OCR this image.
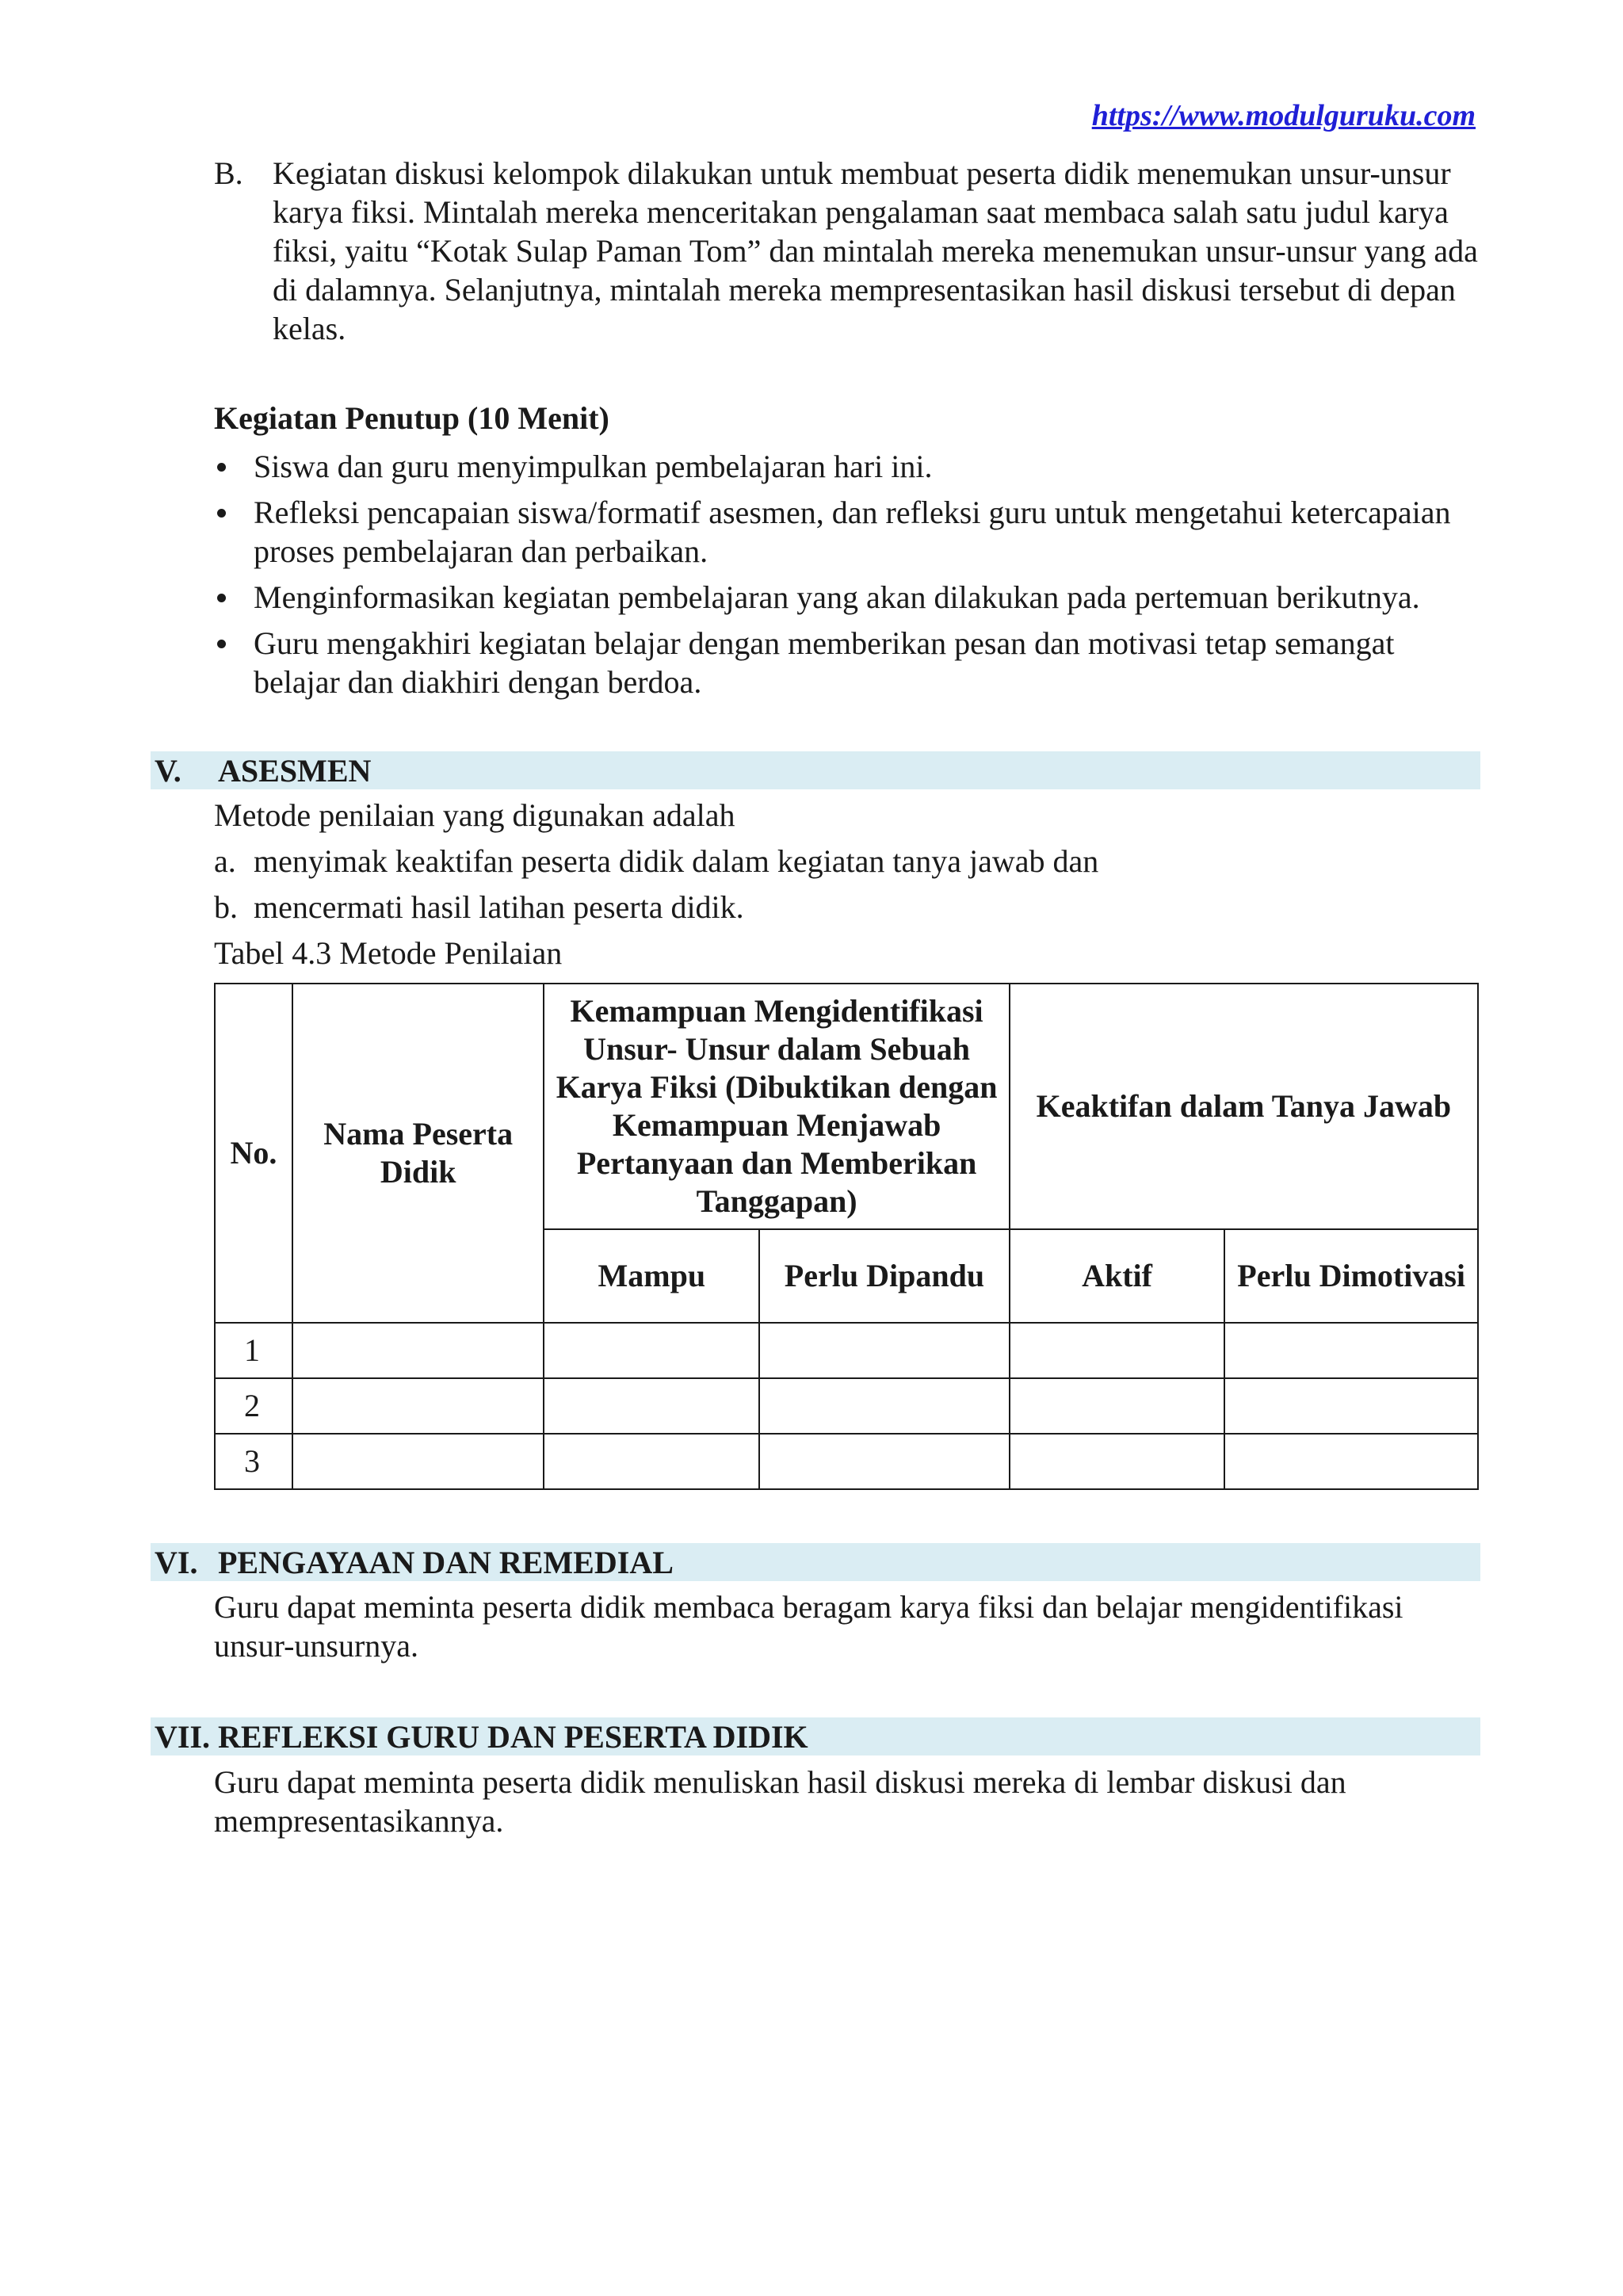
https://www.modulguruku.com
B. Kegiatan diskusi kelompok dilakukan untuk membuat peserta didik menemukan unsur-unsur karya fiksi. Mintalah mereka menceritakan pengalaman saat membaca salah satu judul karya fiksi, yaitu “Kotak Sulap Paman Tom” dan mintalah mereka menemukan unsur-unsur yang ada di dalamnya. Selanjutnya, mintalah mereka mempresentasikan hasil diskusi tersebut di depan kelas.
Kegiatan Penutup (10 Menit)
Siswa dan guru menyimpulkan pembelajaran hari ini.
Refleksi pencapaian siswa/formatif asesmen, dan refleksi guru untuk mengetahui ketercapaian proses pembelajaran dan perbaikan.
Menginformasikan kegiatan pembelajaran yang akan dilakukan pada pertemuan berikutnya.
Guru mengakhiri kegiatan belajar dengan memberikan pesan dan motivasi tetap semangat belajar dan diakhiri dengan berdoa.
V.	ASESMEN

Metode penilaian yang digunakan adalah

a. menyimak keaktifan peserta didik dalam kegiatan tanya jawab dan
b. mencermati hasil latihan peserta didik.

Tabel 4.3 Metode Penilaian

No.	Nama Peserta Didik	Kemampuan Mengidentifikasi Unsur- Unsur dalam Sebuah Karya Fiksi (Dibuktikan dengan Kemampuan Menjawab Pertanyaan dan Memberikan Tanggapan)		Keaktifan dalam Tanya Jawab	
		Mampu	Perlu Dipandu	Aktif	Perlu Dimotivasi
1					
2					
3					
VI. PENGAYAAN DAN REMEDIAL
Guru dapat meminta peserta didik membaca beragam karya fiksi dan belajar mengidentifikasi unsur-unsurnya.
VII. REFLEKSI GURU DAN PESERTA DIDIK
Guru dapat meminta peserta didik menuliskan hasil diskusi mereka di lembar diskusi dan mempresentasikannya.
